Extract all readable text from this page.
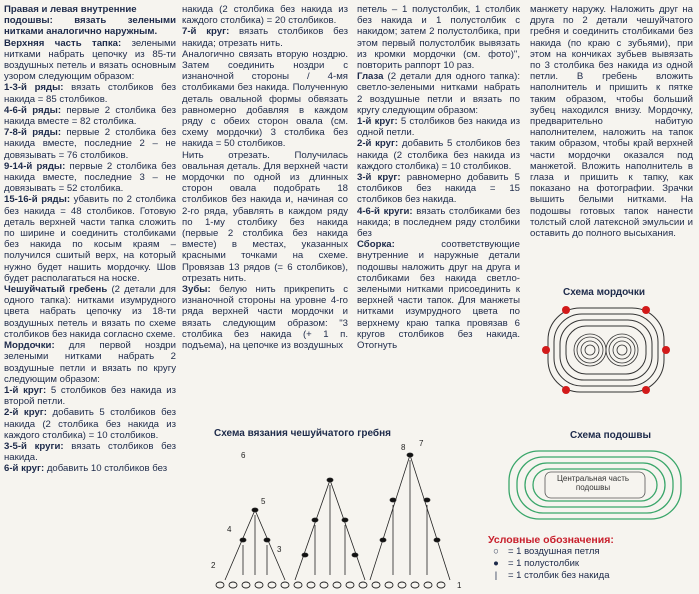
Правая и левая внутренние
подошвы: вязать зелеными нитками аналогично наружным.

Верхняя часть тапка: зелеными нитками набрать цепочку из 85-ти воздушных петель и вязать основным узором следующим образом:

1-3-й ряды: вязать столбиков без накида = 85 столбиков.

4-6-й ряды: первые 2 столбика без накида вместе = 82 столбика.

7-8-й ряды: первые 2 столбика без накида вместе, последние 2 – не довязывать = 76 столбиков.

9-14-й ряды: первые 2 столбика без накида вместе, последние 3 – не довязывать = 52 столбика.

15-16-й ряды: убавить по 2 столбика без накида = 48 столбиков. Готовую деталь верхней части тапка сложить по ширине и соединить столбиками без накида по косым краям – получился сшитый верх, на который нужно будет нашить мордочку. Шов будет располагаться на носке.

Чешуйчатый гребень (2 детали для одного тапка): нитками изумрудного цвета набрать цепочку из 18-ти воздушных петель и вязать по схеме столбиков без накида согласно схеме.

Мордочки: для первой ноздри зелеными нитками набрать 2 воздушные петли и вязать по кругу следующим образом:

1-й круг: 5 столбиков без накида из второй петли.

2-й круг: добавить 5 столбиков без накида (2 столбика без накида из каждого столбика) = 10 столбиков.

3-5-й круги: вязать столбиков без накида.

6-й круг: добавить 10 столбиков без

накида (2 столбика без накида из каждого столбика) = 20 столбиков.

7-й круг: вязать столбиков без накида; отрезать нить.

Аналогично связать вторую ноздрю. Затем соединить ноздри с изнаночной стороны / 4-мя столбиками без накида. Полученную деталь овальной формы обвязать равномерно добавляя в каждом ряду с обеих сторон овала (см. схему мордочки) 3 столбика без накида = 50 столбиков.

Нить отрезать. Получилась овальная деталь. Для верхней части мордочки по одной из длинных сторон овала подобрать 18 столбиков без накида и, начиная со 2-го ряда, убавлять в каждом ряду по 1-му столбику без накида (первые 2 столбика без накида вместе) в местах, указанных красными точками на схеме. Провязав 13 рядов (= 6 столбиков), отрезать нить.

Зубы: белую нить прикрепить с изнаночной стороны на уровне 4-го ряда верхней части мордочки и вязать следующим образом: "3 столбика без накида (+ 1 п. подъема), на цепочке из воздушных

петель – 1 полустолбик, 1 столбик без накида и 1 полустолбик с накидом; затем 2 полустолбика, при этом первый полустолбик вывязать из кромки мордочки (см. фото)", повторить раппорт 10 раз.

Глаза (2 детали для одного тапка): светло-зелеными нитками набрать 2 воздушные петли и вязать по кругу следующим образом:

1-й круг: 5 столбиков без накида из одной петли.

2-й круг: добавить 5 столбиков без накида (2 столбика без накида из каждого столбика) = 10 столбиков.

3-й круг: равномерно добавить 5 столбиков без накида = 15 столбиков без накида.

4-6-й круги: вязать столбиками без накида; в последнем ряду столбики без

Сборка:	соответствующие внутренние и наружные детали подошвы наложить друг на друга и столбиками без накида светло-зелеными нитками присоединить к верхней части тапок. Для манжеты нитками изумрудного цвета по верхнему краю тапка провязав 6 кругов столбиков без накида. Отогнуть

манжету наружу. Наложить друг на друга по 2 детали чешуйчатого гребня и соединить столбиками без накида (по краю с зубьями), при этом на кончиках зубьев вывязать по 3 столбика без накида из одной петли. В гребень вложить наполнитель и пришить к пятке таким образом, чтобы больший зубец находился внизу. Мордочку, предварительно набитую наполнителем, наложить на тапок таким образом, чтобы край верхней части мордочки оказался под манжетой. Вложить наполнитель в глаза и пришить к тапку, как показано на фотографии. Зрачки вышить белыми нитками. На подошвы готовых тапок нанести толстый слой латексной эмульсии и оставить до полного высыхания.

Схема мордочки
Схема подошвы
Центральная часть подошвы
Схема вязания чешуйчатого гребня
1
2
3
4
5
6
7
8
Условные обозначения:
○ = 1 воздушная петля
● = 1 полустолбик
|	= 1 столбик без накида
